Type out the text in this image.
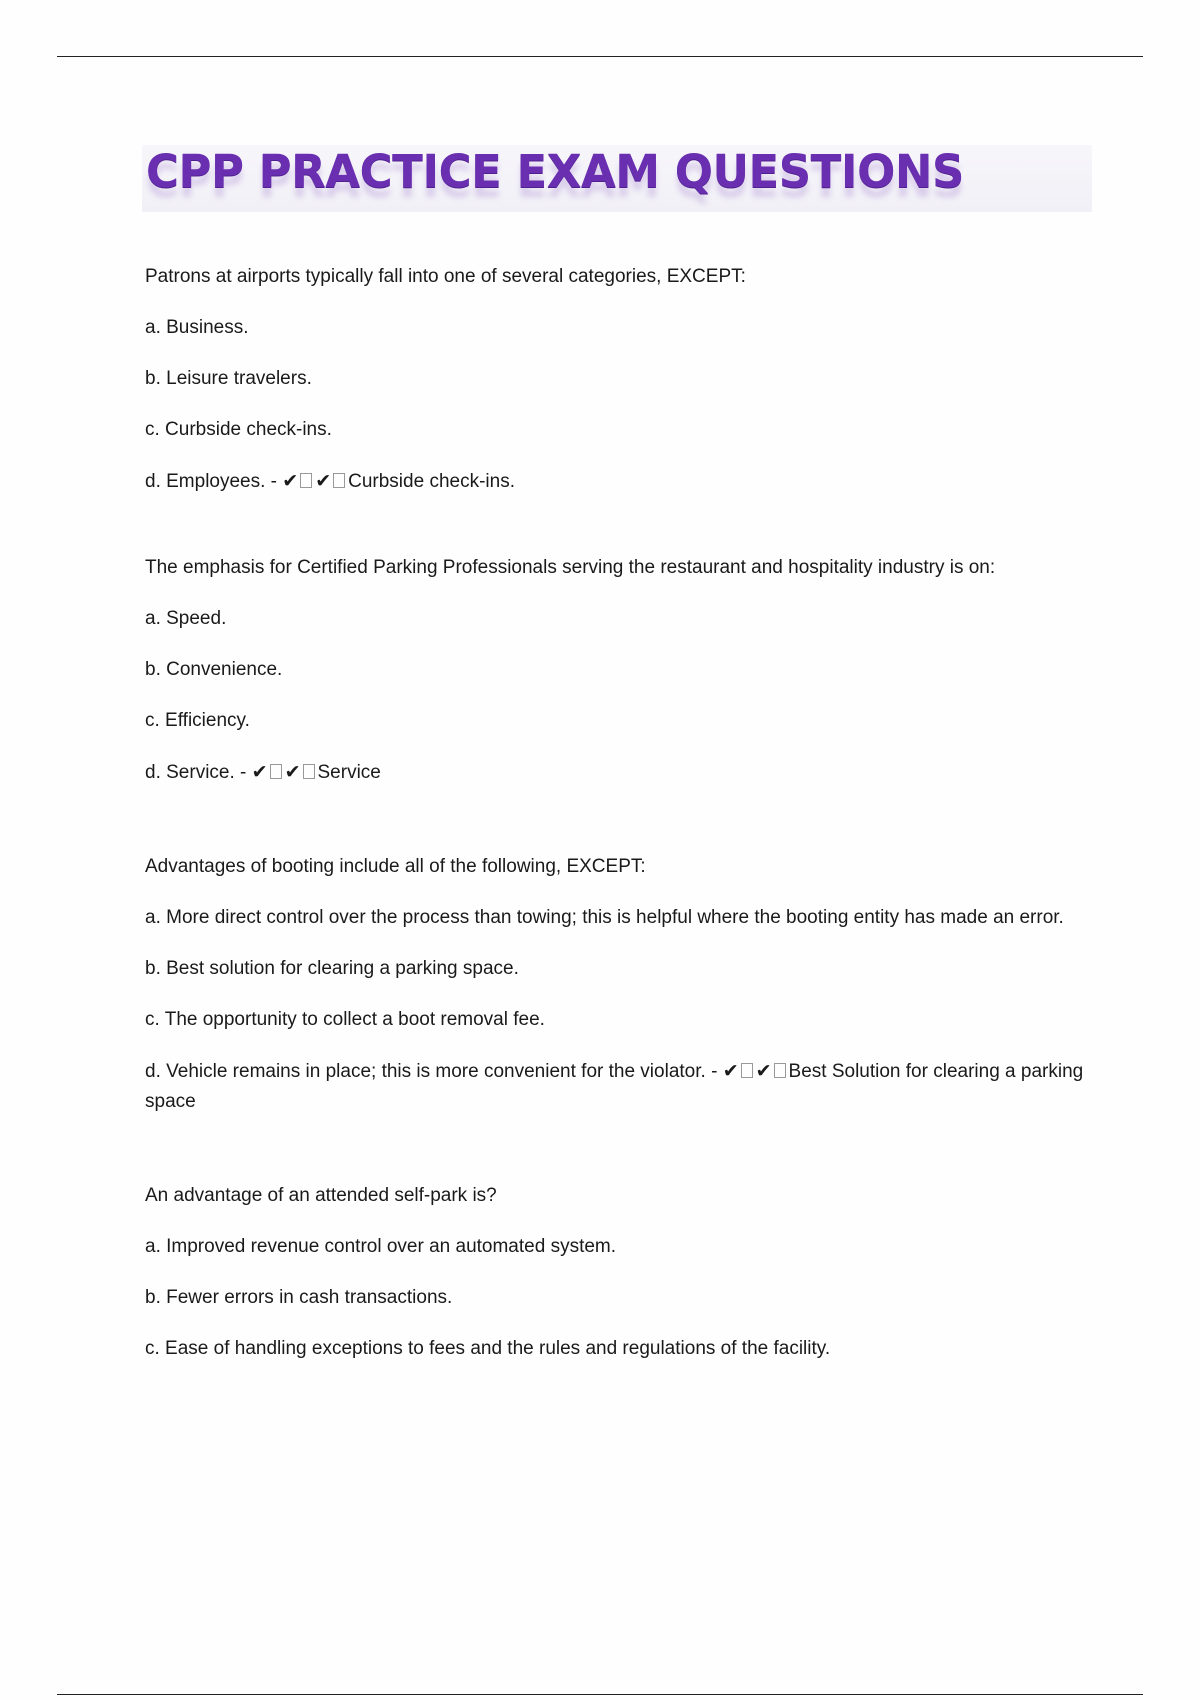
CPP PRACTICE EXAM QUESTIONS
Patrons at airports typically fall into one of several categories, EXCEPT:
a. Business.
b. Leisure travelers.
c. Curbside check-ins.
d. Employees. - ✔ ✔ Curbside check-ins.
The emphasis for Certified Parking Professionals serving the restaurant and hospitality industry is on:
a. Speed.
b. Convenience.
c. Efficiency.
d. Service. - ✔ ✔ Service
Advantages of booting include all of the following, EXCEPT:
a. More direct control over the process than towing; this is helpful where the booting entity has made an error.
b. Best solution for clearing a parking space.
c. The opportunity to collect a boot removal fee.
d. Vehicle remains in place; this is more convenient for the violator. - ✔ ✔ Best Solution for clearing a parking space
An advantage of an attended self-park is?
a. Improved revenue control over an automated system.
b. Fewer errors in cash transactions.
c. Ease of handling exceptions to fees and the rules and regulations of the facility.
